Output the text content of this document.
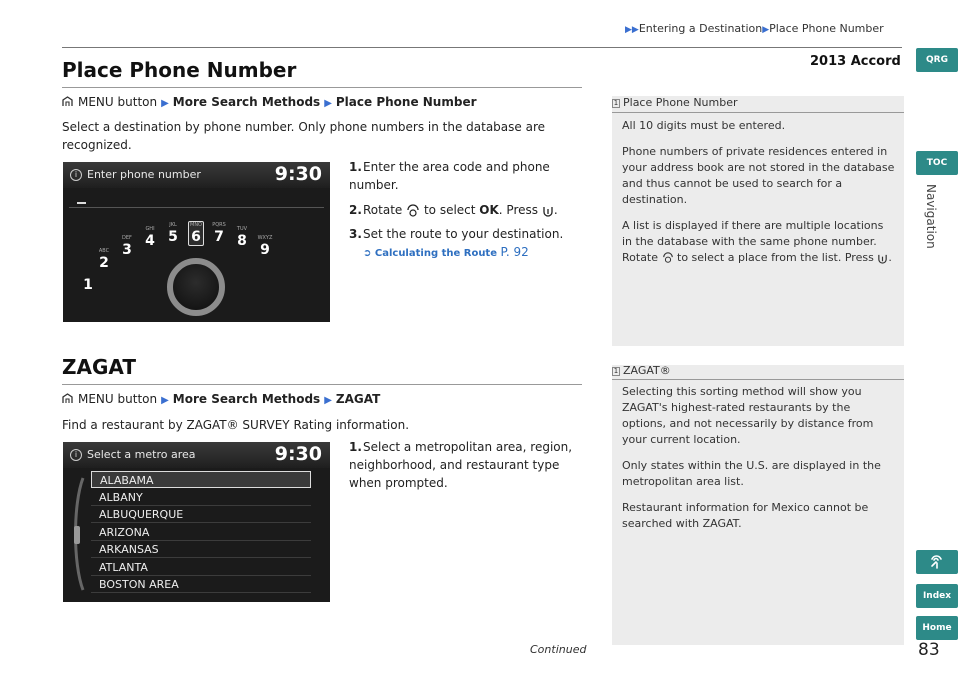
▶▶Entering a Destination▶Place Phone Number
2013 Accord	QRG
TOC
Navigation
Index
Home
Place Phone Number
MENU button ▶ More Search Methods ▶ Place Phone Number
Select a destination by phone number. Only phone numbers in the database are recognized.
i Enter phone number	9:30
1
ABC
2
DEF
3
GHI
4
JKL
5
MNO
6
PQRS
7	TUV
8	WXYZ
9
1.Enter the area code and phone number.
2.Rotate to select OK. Press .
3.Set the route to your destination.
➲ Calculating the Route P. 92
ZAGAT
MENU button ▶ More Search Methods ▶ ZAGAT
Find a restaurant by ZAGAT® SURVEY Rating information.
i Select a metro area	9:30
ALABAMA
ALBANY
ALBUQUERQUE
ARIZONA
ARKANSAS
ATLANTA
BOSTON AREA
1.Select a metropolitan area, region, neighborhood, and restaurant type when prompted.
1 Place Phone Number
All 10 digits must be entered.
Phone numbers of private residences entered in your address book are not stored in the database and thus cannot be used to search for a destination.
A list is displayed if there are multiple locations in the database with the same phone number. Rotate to select a place from the list. Press .
1 ZAGAT®
Selecting this sorting method will show you ZAGAT's highest-rated restaurants by the options, and not necessarily by distance from your current location.
Only states within the U.S. are displayed in the metropolitan area list.
Restaurant information for Mexico cannot be searched with ZAGAT.
Continued	83
